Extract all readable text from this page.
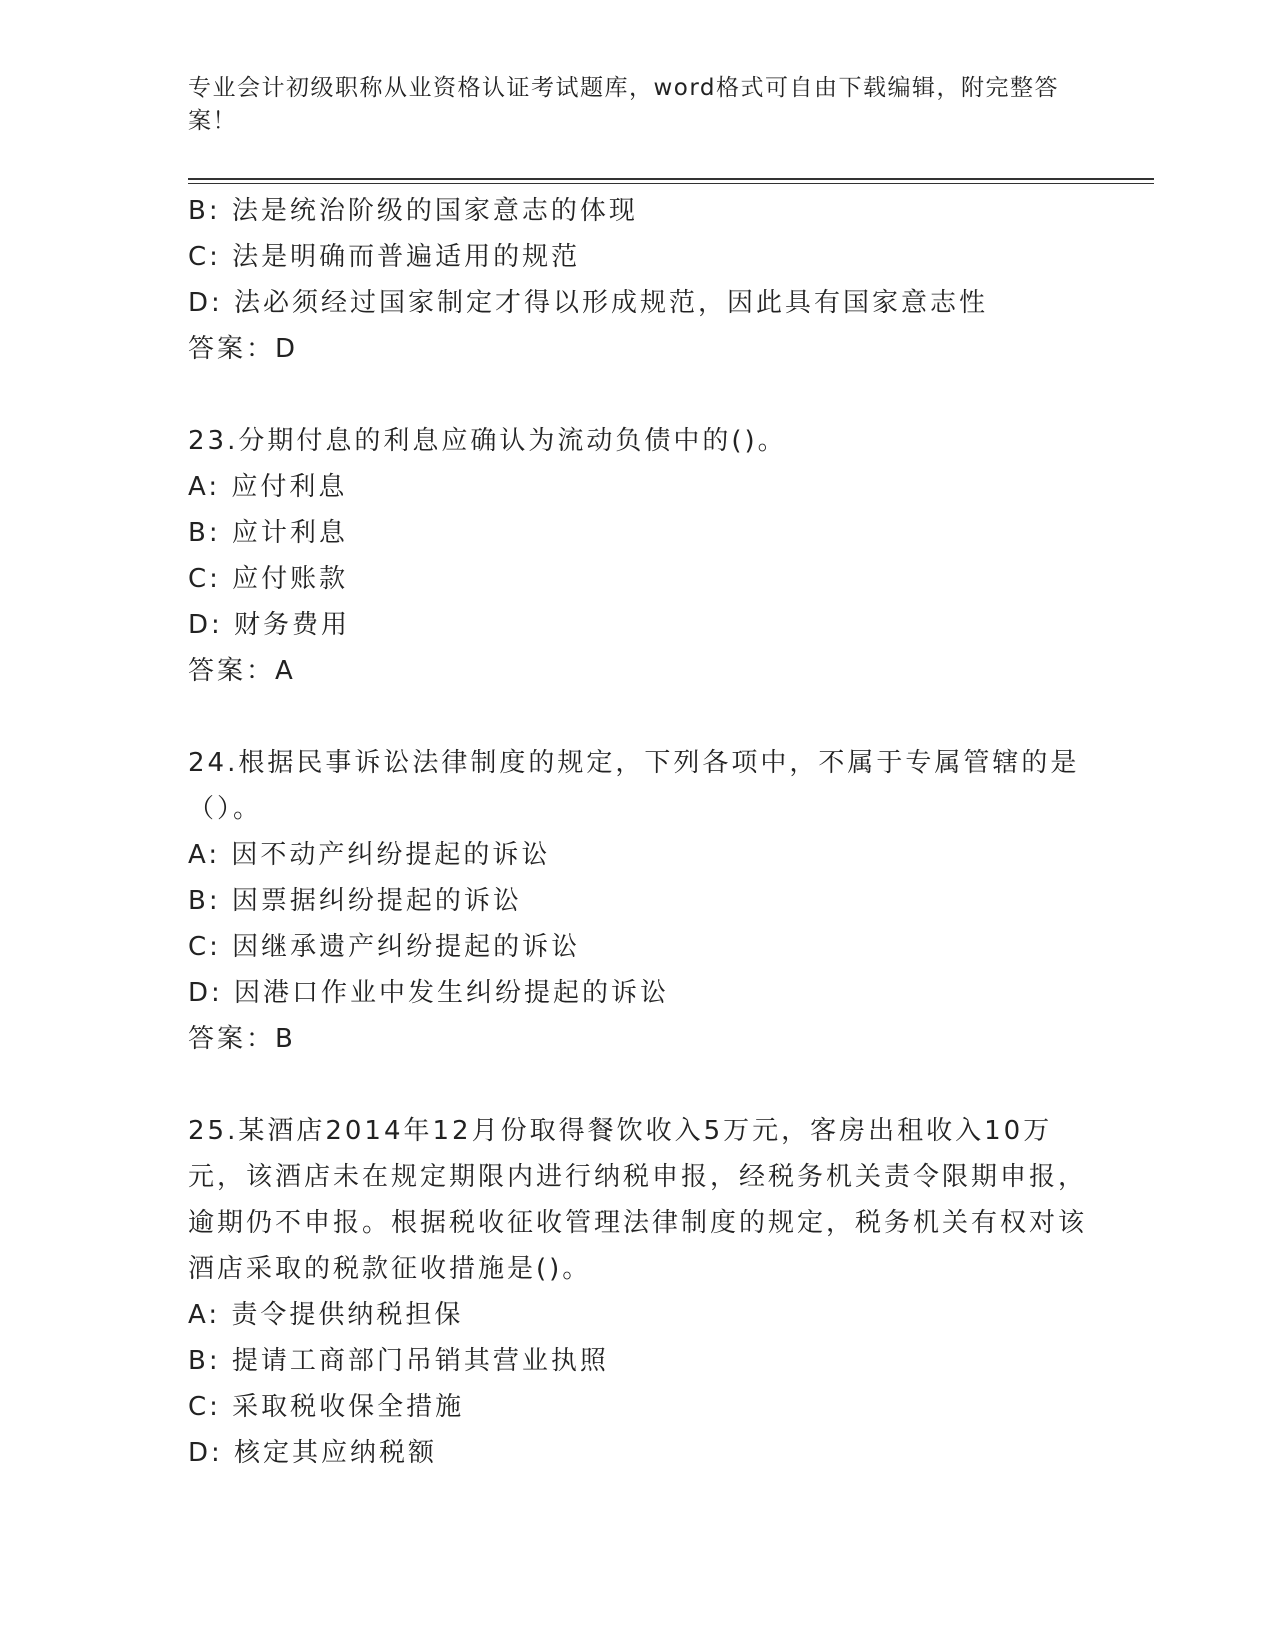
专业会计初级职称从业资格认证考试题库，word格式可自由下载编辑，附完整答案！
B: 法是统治阶级的国家意志的体现
C: 法是明确而普遍适用的规范
D: 法必须经过国家制定才得以形成规范，因此具有国家意志性
答案：D
23.分期付息的利息应确认为流动负债中的()。
A: 应付利息
B: 应计利息
C: 应付账款
D: 财务费用
答案：A
24.根据民事诉讼法律制度的规定，下列各项中，不属于专属管辖的是（）。
A: 因不动产纠纷提起的诉讼
B: 因票据纠纷提起的诉讼
C: 因继承遗产纠纷提起的诉讼
D: 因港口作业中发生纠纷提起的诉讼
答案：B
25.某酒店2014年12月份取得餐饮收入5万元，客房出租收入10万元，该酒店未在规定期限内进行纳税申报，经税务机关责令限期申报，逾期仍不申报。根据税收征收管理法律制度的规定，税务机关有权对该酒店采取的税款征收措施是()。
A: 责令提供纳税担保
B: 提请工商部门吊销其营业执照
C: 采取税收保全措施
D: 核定其应纳税额
